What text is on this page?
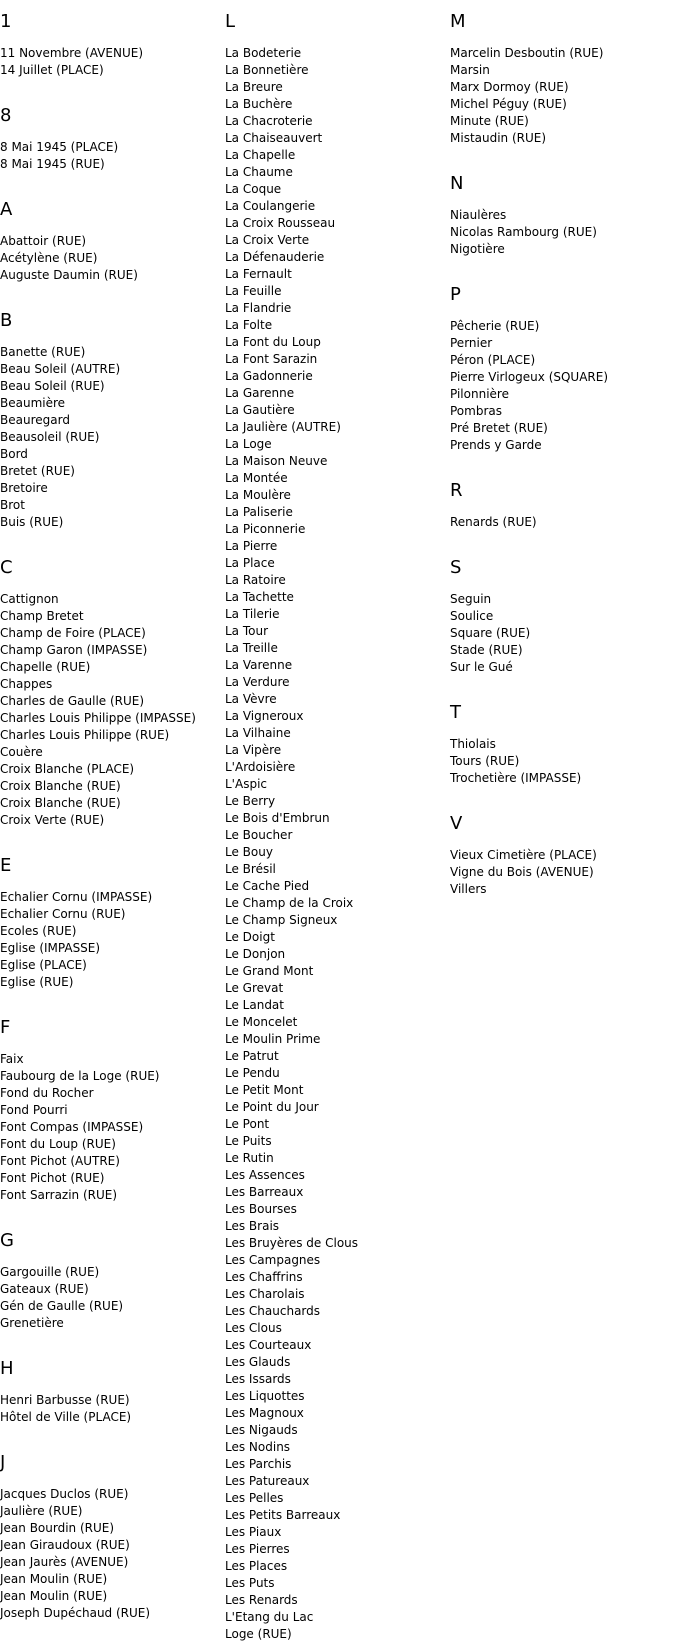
1
11 Novembre (AVENUE)
14 Juillet (PLACE)
8
8 Mai 1945 (PLACE)
8 Mai 1945 (RUE)
A
Abattoir (RUE)
Acétylène (RUE)
Auguste Daumin (RUE)
B
Banette (RUE)
Beau Soleil (AUTRE)
Beau Soleil (RUE)
Beaumière
Beauregard
Beausoleil (RUE)
Bord
Bretet (RUE)
Bretoire
Brot
Buis (RUE)
C
Cattignon
Champ Bretet
Champ de Foire (PLACE)
Champ Garon (IMPASSE)
Chapelle (RUE)
Chappes
Charles de Gaulle (RUE)
Charles Louis Philippe (IMPASSE)
Charles Louis Philippe (RUE)
Couère
Croix Blanche (PLACE)
Croix Blanche (RUE)
Croix Blanche (RUE)
Croix Verte (RUE)
E
Echalier Cornu (IMPASSE)
Echalier Cornu (RUE)
Ecoles (RUE)
Eglise (IMPASSE)
Eglise (PLACE)
Eglise (RUE)
F
Faix
Faubourg de la Loge (RUE)
Fond du Rocher
Fond Pourri
Font Compas (IMPASSE)
Font du Loup (RUE)
Font Pichot (AUTRE)
Font Pichot (RUE)
Font Sarrazin (RUE)
G
Gargouille (RUE)
Gateaux (RUE)
Gén de Gaulle (RUE)
Grenetière
H
Henri Barbusse (RUE)
Hôtel de Ville (PLACE)
J
Jacques Duclos (RUE)
Jaulière (RUE)
Jean Bourdin (RUE)
Jean Giraudoux (RUE)
Jean Jaurès (AVENUE)
Jean Moulin (RUE)
Jean Moulin (RUE)
Joseph Dupéchaud (RUE)
L
La Bodeterie
La Bonnetière
La Breure
La Buchère
La Chacroterie
La Chaiseauvert
La Chapelle
La Chaume
La Coque
La Coulangerie
La Croix Rousseau
La Croix Verte
La Défenauderie
La Fernault
La Feuille
La Flandrie
La Folte
La Font du Loup
La Font Sarazin
La Gadonnerie
La Garenne
La Gautière
La Jaulière (AUTRE)
La Loge
La Maison Neuve
La Montée
La Moulère
La Paliserie
La Piconnerie
La Pierre
La Place
La Ratoire
La Tachette
La Tilerie
La Tour
La Treille
La Varenne
La Verdure
La Vèvre
La Vigneroux
La Vilhaine
La Vipère
L'Ardoisière
L'Aspic
Le Berry
Le Bois d'Embrun
Le Boucher
Le Bouy
Le Brésil
Le Cache Pied
Le Champ de la Croix
Le Champ Signeux
Le Doigt
Le Donjon
Le Grand Mont
Le Grevat
Le Landat
Le Moncelet
Le Moulin Prime
Le Patrut
Le Pendu
Le Petit Mont
Le Point du Jour
Le Pont
Le Puits
Le Rutin
Les Assences
Les Barreaux
Les Bourses
Les Brais
Les Bruyères de Clous
Les Campagnes
Les Chaffrins
Les Charolais
Les Chauchards
Les Clous
Les Courteaux
Les Glauds
Les Issards
Les Liquottes
Les Magnoux
Les Nigauds
Les Nodins
Les Parchis
Les Patureaux
Les Pelles
Les Petits Barreaux
Les Piaux
Les Pierres
Les Places
Les Puts
Les Renards
L'Etang du Lac
Loge (RUE)
M
Marcelin Desboutin (RUE)
Marsin
Marx Dormoy (RUE)
Michel Péguy (RUE)
Minute (RUE)
Mistaudin (RUE)
N
Niaulères
Nicolas Rambourg (RUE)
Nigotière
P
Pêcherie (RUE)
Pernier
Péron (PLACE)
Pierre Virlogeux (SQUARE)
Pilonnière
Pombras
Pré Bretet (RUE)
Prends y Garde
R
Renards (RUE)
S
Seguin
Soulice
Square (RUE)
Stade (RUE)
Sur le Gué
T
Thiolais
Tours (RUE)
Trochetière (IMPASSE)
V
Vieux Cimetière (PLACE)
Vigne du Bois (AVENUE)
Villers
